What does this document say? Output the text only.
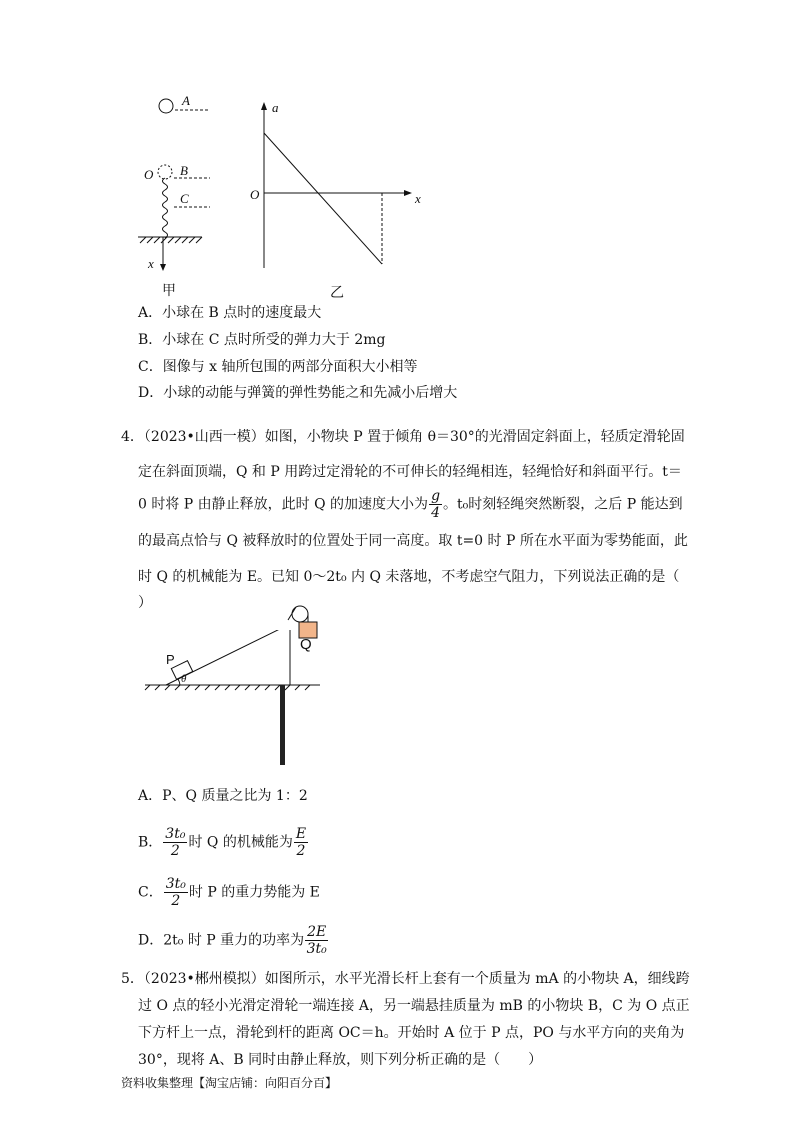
A
B
C
O
x
a
O	x
甲	乙
A．小球在 B 点时的速度最大
B．小球在 C 点时所受的弹力大于 2mg
C．图像与 x 轴所包围的两部分面积大小相等
D．小球的动能与弹簧的弹性势能之和先减小后增大
4．（2023•山西一模）如图，小物块 P 置于倾角 θ＝30°的光滑固定斜面上，轻质定滑轮固
定在斜面顶端，Q 和 P 用跨过定滑轮的不可伸长的轻绳相连，轻绳恰好和斜面平行。t＝
0 时将 P 由静止释放，此时 Q 的加速度大小为 $\frac{g}{4}$ 。t₀时刻轻绳突然断裂，之后 P 能达到
的最高点恰与 Q 被释放时的位置处于同一高度。取 t=0 时 P 所在水平面为零势能面，此
时 Q 的机械能为 E。已知 0～2t₀ 内 Q 未落地，不考虑空气阻力，下列说法正确的是（
）
P
θ
Q
A．P、Q 质量之比为 1：2
B． $\frac{\text{3t₀}}{2}$ 时 Q 的机械能为 $\frac{E}{2}$
C． $\frac{\text{3t₀}}{2}$ 时 P 的重力势能为 E
D．2t₀ 时 P 重力的功率为 $\frac{2E}{\text{3t₀}}$
5．（2023•郴州模拟）如图所示，水平光滑长杆上套有一个质量为 mA 的小物块 A，细线跨
过 O 点的轻小光滑定滑轮一端连接 A，另一端悬挂质量为 mB 的小物块 B，C 为 O 点正
下方杆上一点，滑轮到杆的距离 OC＝h。开始时 A 位于 P 点，PO 与水平方向的夹角为
30°，现将 A、B 同时由静止释放，则下列分析正确的是（　　）
资料收集整理【淘宝店铺：向阳百分百】
